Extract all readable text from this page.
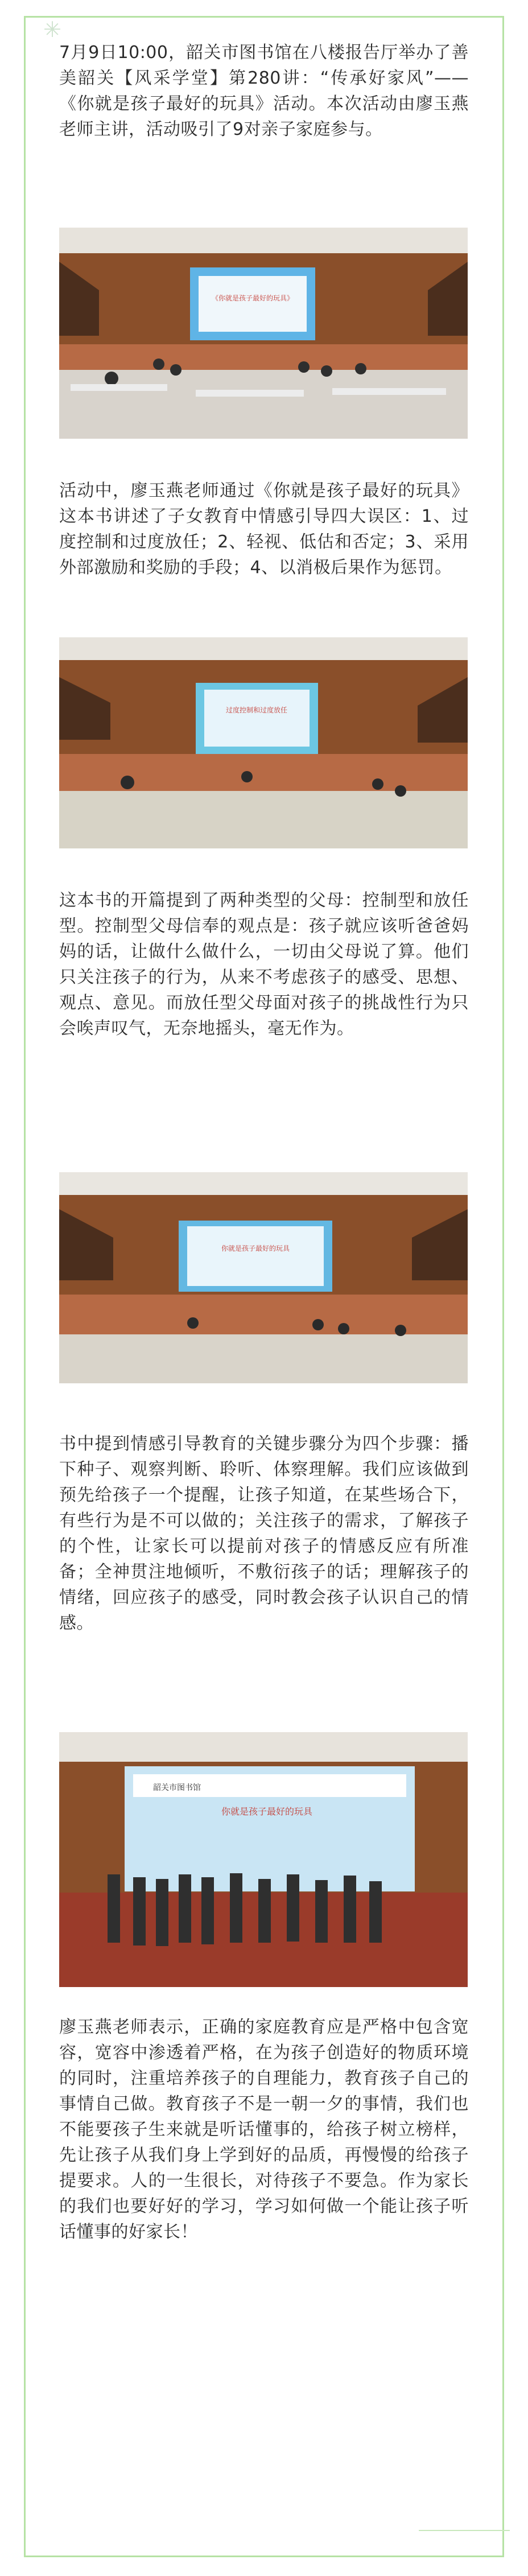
✳

7月9日10:00，韶关市图书馆在八楼报告厅举办了善美韶关【风采学堂】第280讲：“传承好家风”——《你就是孩子最好的玩具》活动。本次活动由廖玉燕老师主讲，活动吸引了9对亲子家庭参与。

《你就是孩子最好的玩具》

活动中，廖玉燕老师通过《你就是孩子最好的玩具》这本书讲述了子女教育中情感引导四大误区：1、过度控制和过度放任；2、轻视、低估和否定；3、采用外部激励和奖励的手段；4、以消极后果作为惩罚。

过度控制和过度放任

这本书的开篇提到了两种类型的父母：控制型和放任型。控制型父母信奉的观点是：孩子就应该听爸爸妈妈的话，让做什么做什么，一切由父母说了算。他们只关注孩子的行为，从来不考虑孩子的感受、思想、观点、意见。而放任型父母面对孩子的挑战性行为只会唉声叹气，无奈地摇头，毫无作为。

你就是孩子最好的玩具

书中提到情感引导教育的关键步骤分为四个步骤：播下种子、观察判断、聆听、体察理解。我们应该做到预先给孩子一个提醒，让孩子知道，在某些场合下，有些行为是不可以做的；关注孩子的需求，了解孩子的个性，让家长可以提前对孩子的情感反应有所准备；全神贯注地倾听，不敷衍孩子的话；理解孩子的情绪，回应孩子的感受，同时教会孩子认识自己的情感。

韶关市图书馆
你就是孩子最好的玩具

廖玉燕老师表示，正确的家庭教育应是严格中包含宽容，宽容中渗透着严格，在为孩子创造好的物质环境的同时，注重培养孩子的自理能力，教育孩子自己的事情自己做。教育孩子不是一朝一夕的事情，我们也不能要孩子生来就是听话懂事的，给孩子树立榜样，先让孩子从我们身上学到好的品质，再慢慢的给孩子提要求。人的一生很长，对待孩子不要急。作为家长的我们也要好好的学习，学习如何做一个能让孩子听话懂事的好家长！
